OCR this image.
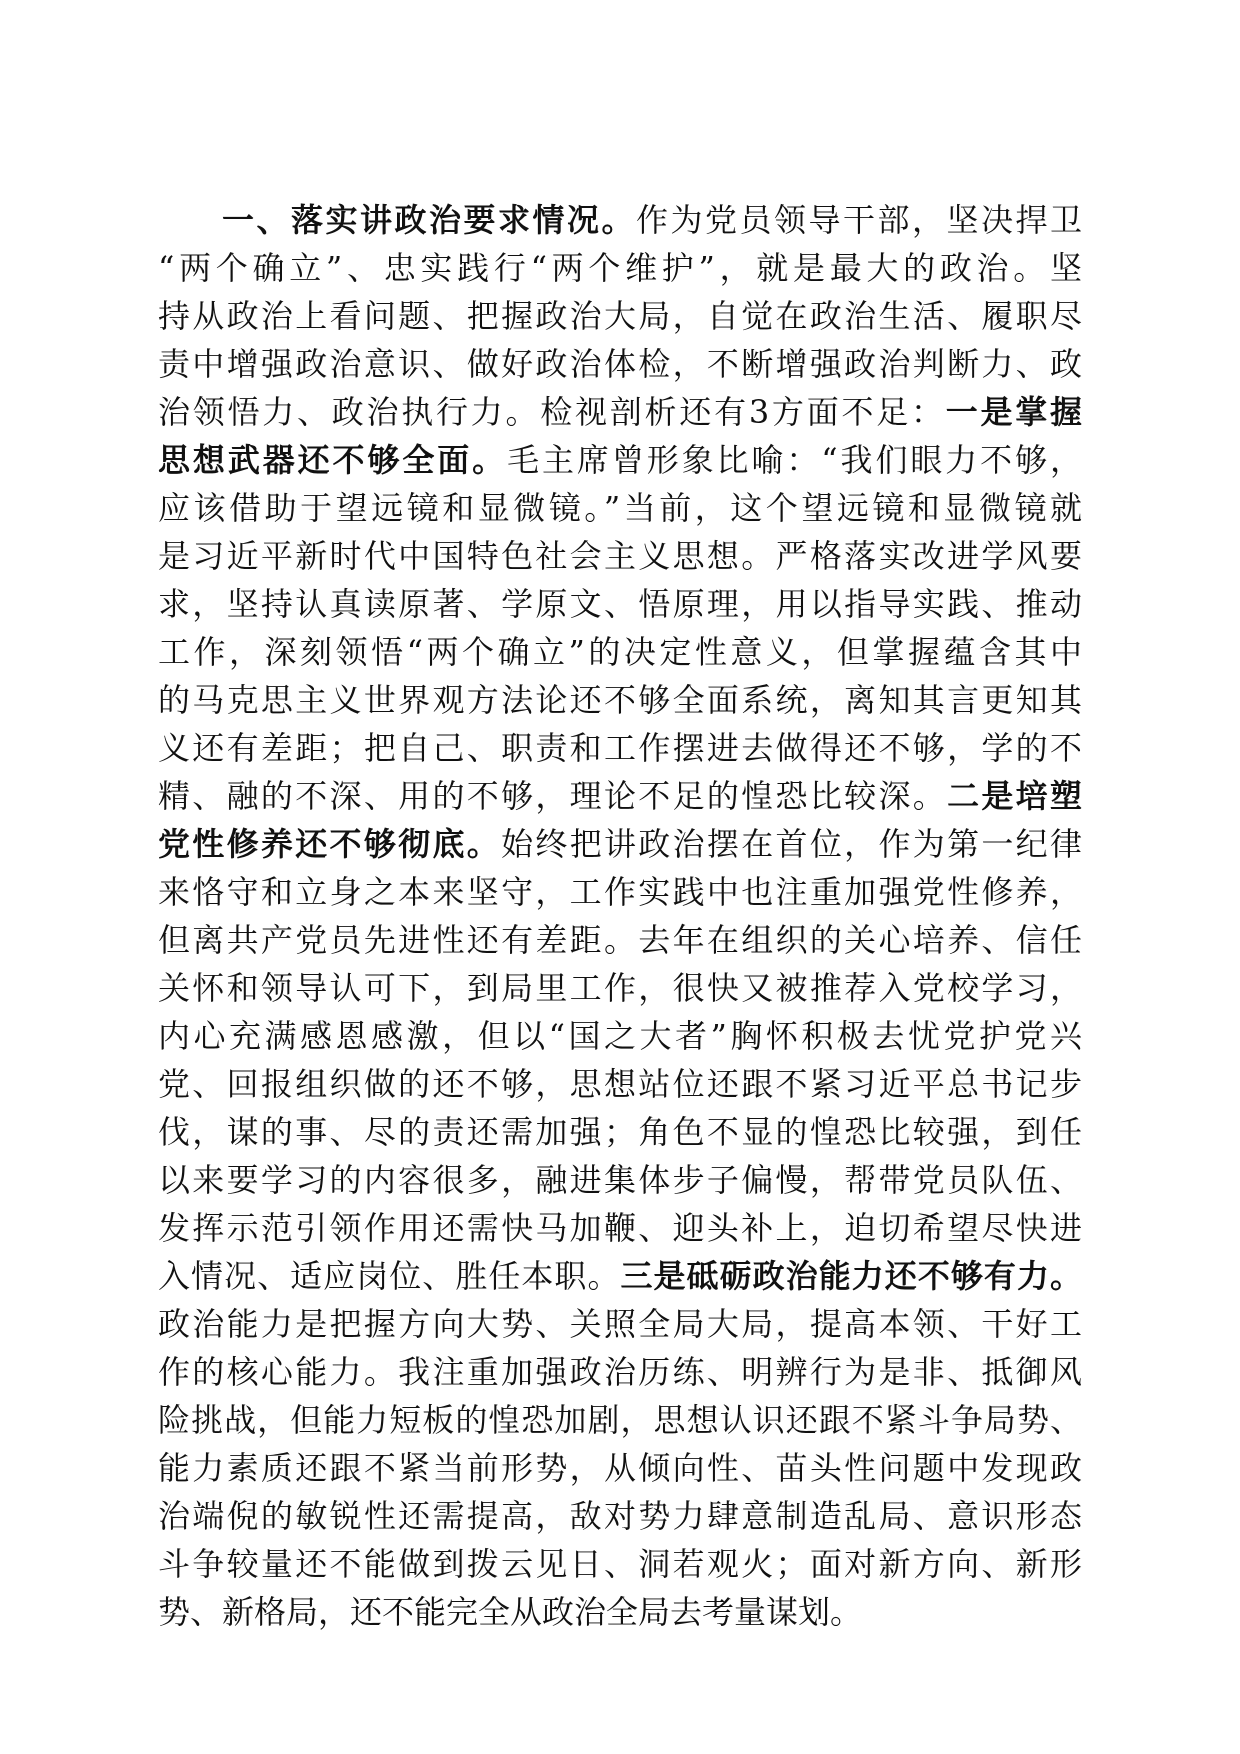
一、落实讲政治要求情况。作为党员领导干部，坚决捍卫
“两个确立”、忠实践行“两个维护”，就是最大的政治。坚
持从政治上看问题、把握政治大局，自觉在政治生活、履职尽
责中增强政治意识、做好政治体检，不断增强政治判断力、政
治领悟力、政治执行力。检视剖析还有3方面不足：一是掌握
思想武器还不够全面。毛主席曾形象比喻：“我们眼力不够，
应该借助于望远镜和显微镜。”当前，这个望远镜和显微镜就
是习近平新时代中国特色社会主义思想。严格落实改进学风要
求，坚持认真读原著、学原文、悟原理，用以指导实践、推动
工作，深刻领悟“两个确立”的决定性意义，但掌握蕴含其中
的马克思主义世界观方法论还不够全面系统，离知其言更知其
义还有差距；把自己、职责和工作摆进去做得还不够，学的不
精、融的不深、用的不够，理论不足的惶恐比较深。二是培塑
党性修养还不够彻底。始终把讲政治摆在首位，作为第一纪律
来恪守和立身之本来坚守，工作实践中也注重加强党性修养，
但离共产党员先进性还有差距。去年在组织的关心培养、信任
关怀和领导认可下，到局里工作，很快又被推荐入党校学习，
内心充满感恩感激，但以“国之大者”胸怀积极去忧党护党兴
党、回报组织做的还不够，思想站位还跟不紧习近平总书记步
伐，谋的事、尽的责还需加强；角色不显的惶恐比较强，到任
以来要学习的内容很多，融进集体步子偏慢，帮带党员队伍、
发挥示范引领作用还需快马加鞭、迎头补上，迫切希望尽快进
入情况、适应岗位、胜任本职。三是砥砺政治能力还不够有力。
政治能力是把握方向大势、关照全局大局，提高本领、干好工
作的核心能力。我注重加强政治历练、明辨行为是非、抵御风
险挑战，但能力短板的惶恐加剧，思想认识还跟不紧斗争局势、
能力素质还跟不紧当前形势，从倾向性、苗头性问题中发现政
治端倪的敏锐性还需提高，敌对势力肆意制造乱局、意识形态
斗争较量还不能做到拨云见日、洞若观火；面对新方向、新形
势、新格局，还不能完全从政治全局去考量谋划。
